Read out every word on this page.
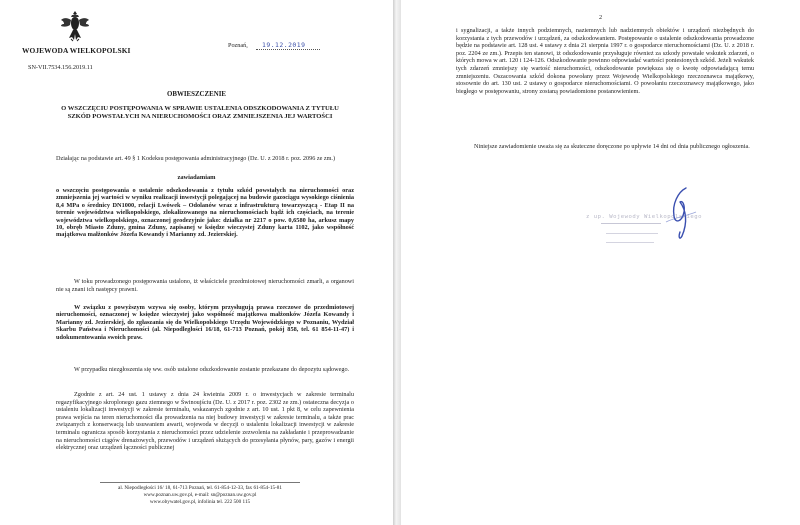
WOJEWODA WIELKOPOLSKI
Poznań, 19.12.2019
SN-VII.7534.156.2019.11
OBWIESZCZENIE
O WSZCZĘCIU POSTĘPOWANIA W SPRAWIE USTALENIA ODSZKODOWANIA Z TYTUŁU SZKÓD POWSTAŁYCH NA NIERUCHOMOŚCI ORAZ ZMNIEJSZENIA JEJ WARTOŚCI
Działając na podstawie art. 49 § 1 Kodeksu postępowania administracyjnego (Dz. U. z 2018 r. poz. 2096 ze zm.)
zawiadamiam
o wszczęciu postępowania o ustalenie odszkodowania z tytułu szkód powstałych na nieruchomości oraz zmniejszenia jej wartości w wyniku realizacji inwestycji polegającej na budowie gazociągu wysokiego ciśnienia 8,4 MPa o średnicy DN1000, relacji Lwówek – Odolanów wraz z infrastrukturą towarzyszącą - Etap II na terenie województwa wielkopolskiego, zlokalizowanego na nieruchomościach bądź ich częściach, na terenie województwa wielkopolskiego, oznaczonej geodezyjnie jako: działka nr 2217 o pow. 0,6580 ha, arkusz mapy 10, obręb Miasto Zduny, gmina Zduny, zapisanej w księdze wieczystej Zduny karta 1102, jako współność majątkowa małżonków Józefa Kowandy i Marianny zd. Jezierskiej.
W toku prowadzonego postępowania ustalono, iż właściciele przedmiotowej nieruchomości zmarli, a organowi nie są znani ich następcy prawni.
W związku z powyższym wzywa się osoby, którym przysługują prawa rzeczowe do przedmiotowej nieruchomości, oznaczonej w księdze wieczystej jako współność majątkowa małżonków Józefa Kowandy i Marianny zd. Jezierskiej, do zgłaszania się do Wielkopolskiego Urzędu Wojewódzkiego w Poznaniu, Wydział Skarbu Państwa i Nieruchomości (al. Niepodległości 16/18, 61-713 Poznań, pokój 858, tel. 61 854-11-47) i udokumentowania swoich praw.
W przypadku niezgłoszenia się ww. osób ustalone odszkodowanie zostanie przekazane do depozytu sądowego.
Zgodnie z art. 24 ust. 1 ustawy z dnia 24 kwietnia 2009 r. o inwestycjach w zakresie terminalu regazyfikacyjnego skroplonego gazu ziemnego w Świnoujściu (Dz. U. z 2017 r. poz. 2302 ze zm.) ostateczna decyzja o ustaleniu lokalizacji inwestycji w zakresie terminalu, wskazanych zgodnie z art. 10 ust. 1 pkt 8, w celu zapewnienia prawa wejścia na teren nieruchomości dla prowadzenia na niej budowy inwestycji w zakresie terminalu, a także prac związanych z konserwacją lub usuwaniem awarii, wojewoda w decyzji o ustaleniu lokalizacji inwestycji w zakresie terminalu ogranicza sposób korzystania z nieruchomości przez udzielenie zezwolenia na zakładanie i przeprowadzanie na nieruchomości ciągów drenażowych, przewodów i urządzeń służących do przesyłania płynów, pary, gazów i energii elektrycznej oraz urządzeń łączności publicznej
al. Niepodległości 16/ 18, 61-713 Poznań, tel. 61-854-12-33, fax 61-854-15-81
www.poznan.uw.gov.pl, e-mail: sn@poznan.uw.gov.pl
www.obywatel.gov.pl, infolinia tel. 222 500 115
2
i sygnalizacji, a także innych podziemnych, naziemnych lub nadziemnych obiektów i urządzeń niezbędnych do korzystania z tych przewodów i urządzeń, za odszkodowaniem. Postępowanie o ustalenie odszkodowania prowadzone będzie na podstawie art. 128 ust. 4 ustawy z dnia 21 sierpnia 1997 r. o gospodarce nieruchomościami (Dz. U. z 2018 r. poz. 2204 ze zm.). Przepis ten stanowi, iż odszkodowanie przysługuje również za szkody powstałe wskutek zdarzeń, o których mowa w art. 120 i 124-126. Odszkodowanie powinno odpowiadać wartości poniesionych szkód. Jeżeli wskutek tych zdarzeń zmniejszy się wartość nieruchomości, odszkodowanie powiększa się o kwotę odpowiadającą temu zmniejszeniu. Oszacowania szkód dokona powołany przez Wojewodę Wielkopolskiego rzeczoznawca majątkowy, stosownie do art. 130 ust. 2 ustawy o gospodarce nieruchomościami. O powołaniu rzeczoznawcy majątkowego, jako biegłego w postępowaniu, strony zostaną powiadomione postanowieniem.
Niniejsze zawiadomienie uważa się za skuteczne doręczone po upływie 14 dni od dnia publicznego ogłoszenia.
z up. Wojewody Wielkopolskiego
